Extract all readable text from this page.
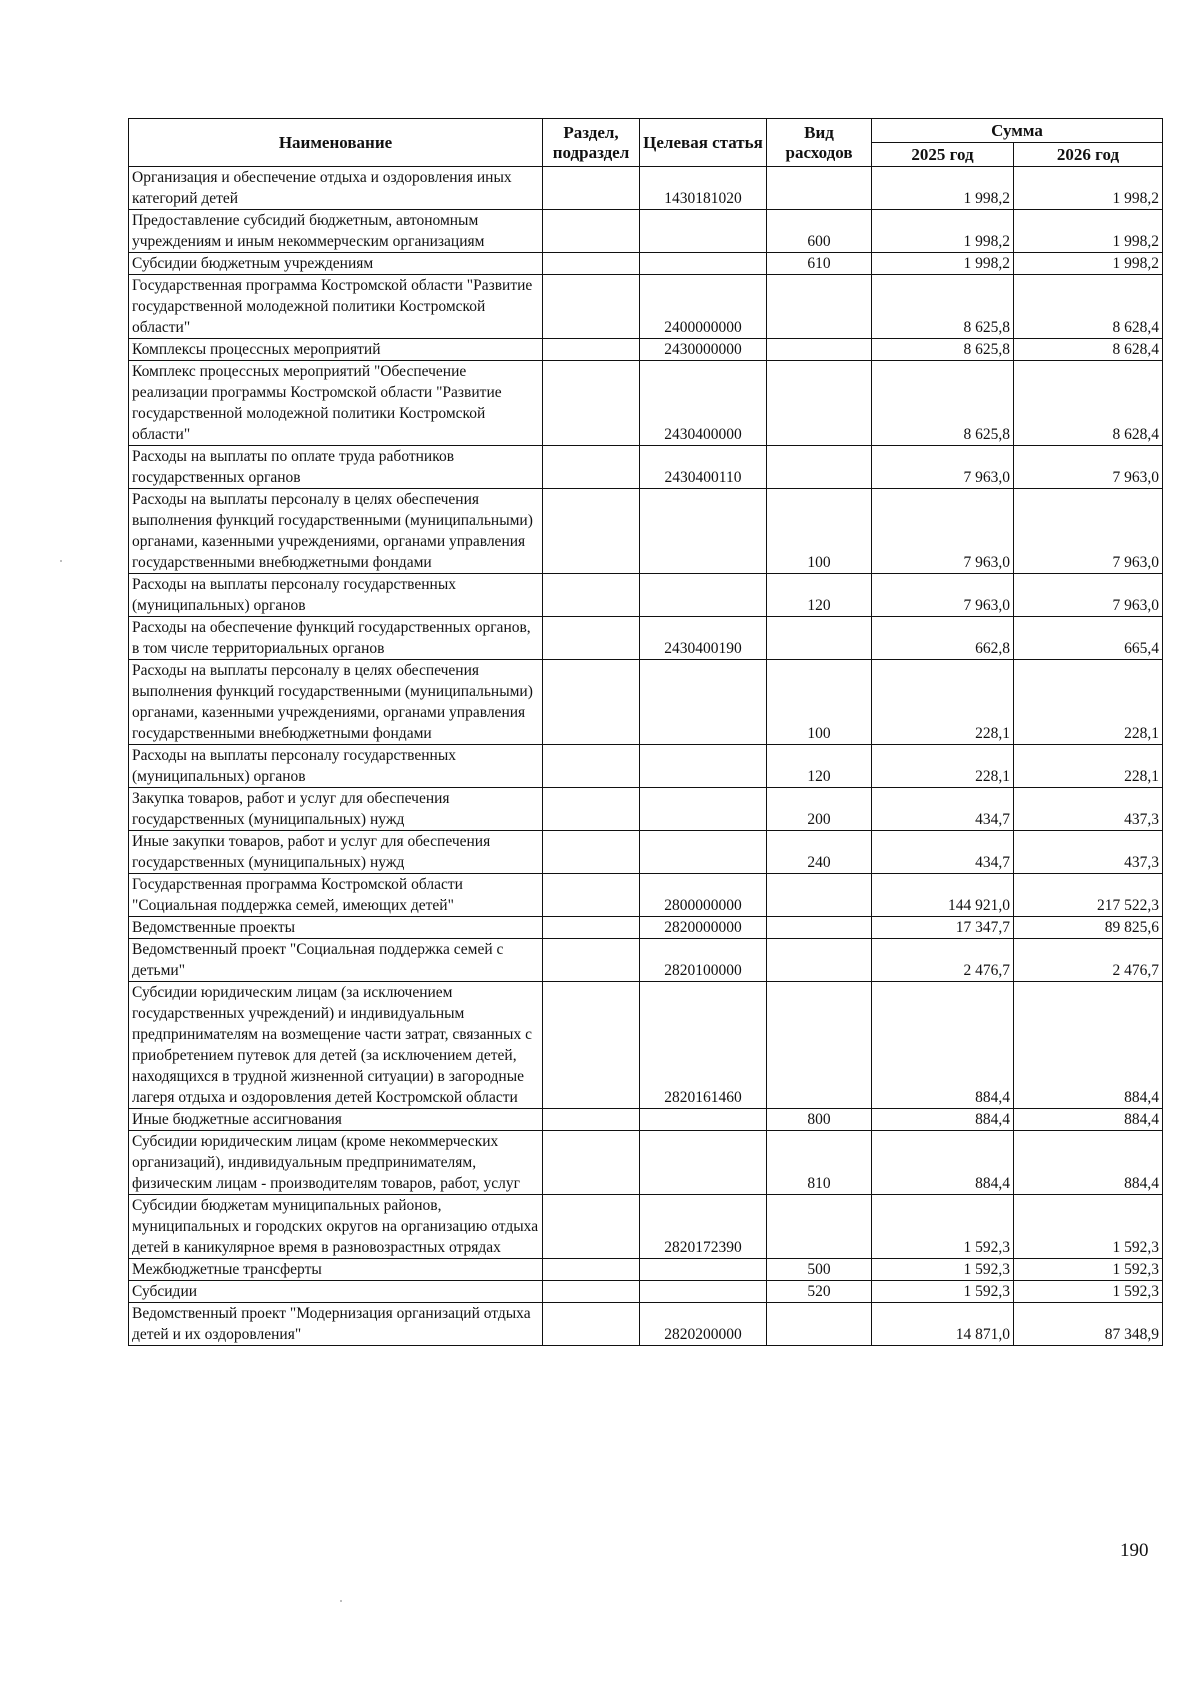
Наименование	Раздел, подраздел	Целевая статья	Вид расходов	Сумма	
				2025 год	2026 год
Организация и обеспечение отдыха и оздоровления иных категорий детей		1430181020		1 998,2	1 998,2
Предоставление субсидий бюджетным, автономным учреждениям и иным некоммерческим организациям			600	1 998,2	1 998,2
Субсидии бюджетным учреждениям			610	1 998,2	1 998,2
Государственная программа Костромской области "Развитие государственной молодежной политики Костромской области"		2400000000		8 625,8	8 628,4
Комплексы процессных мероприятий		2430000000		8 625,8	8 628,4
Комплекс процессных мероприятий "Обеспечение реализации программы Костромской области "Развитие государственной молодежной политики Костромской области"		2430400000		8 625,8	8 628,4
Расходы на выплаты по оплате труда работников государственных органов		2430400110		7 963,0	7 963,0
Расходы на выплаты персоналу в целях обеспечения выполнения функций государственными (муниципальными) органами, казенными учреждениями, органами управления государственными внебюджетными фондами			100	7 963,0	7 963,0
Расходы на выплаты персоналу государственных (муниципальных) органов			120	7 963,0	7 963,0
Расходы на обеспечение функций государственных органов, в том числе территориальных органов		2430400190		662,8	665,4
Расходы на выплаты персоналу в целях обеспечения выполнения функций государственными (муниципальными) органами, казенными учреждениями, органами управления государственными внебюджетными фондами			100	228,1	228,1
Расходы на выплаты персоналу государственных (муниципальных) органов			120	228,1	228,1
Закупка товаров, работ и услуг для обеспечения государственных (муниципальных) нужд			200	434,7	437,3
Иные закупки товаров, работ и услуг для обеспечения государственных (муниципальных) нужд			240	434,7	437,3
Государственная программа Костромской области "Социальная поддержка семей, имеющих детей"		2800000000		144 921,0	217 522,3
Ведомственные проекты		2820000000		17 347,7	89 825,6
Ведомственный проект "Социальная поддержка семей с детьми"		2820100000		2 476,7	2 476,7
Субсидии юридическим лицам (за исключением государственных учреждений) и индивидуальным предпринимателям на возмещение части затрат, связанных с приобретением путевок для детей (за исключением детей, находящихся в трудной жизненной ситуации) в загородные лагеря отдыха и оздоровления детей Костромской области		2820161460		884,4	884,4
Иные бюджетные ассигнования			800	884,4	884,4
Субсидии юридическим лицам (кроме некоммерческих организаций), индивидуальным предпринимателям, физическим лицам - производителям товаров, работ, услуг			810	884,4	884,4
Субсидии бюджетам муниципальных районов, муниципальных и городских округов на организацию отдыха детей в каникулярное время в разновозрастных отрядах		2820172390		1 592,3	1 592,3
Межбюджетные трансферты			500	1 592,3	1 592,3
Субсидии			520	1 592,3	1 592,3
Ведомственный проект "Модернизация организаций отдыха детей и их оздоровления"		2820200000		14 871,0	87 348,9
190
